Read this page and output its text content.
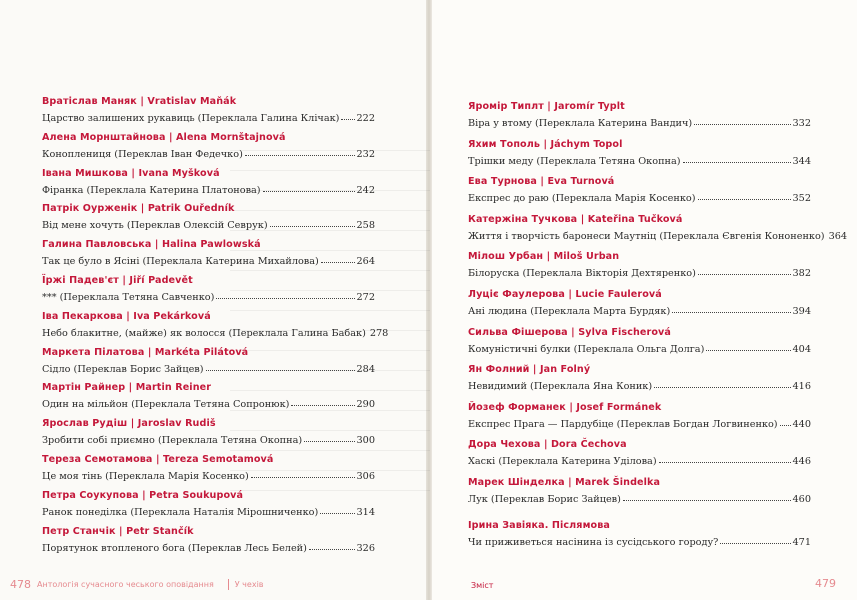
Вратіслав Маняк | Vratislav Maňák
Царство залишених рукавиць (Переклала Галина Клічак) 222
Алена Морнштайнова | Alena Mornštajnová
Коноплениця (Переклав Іван Федечко)	232
Івана Мишкова | Ivana Myšková
Фіранка (Переклала Катерина Платонова)	242
Патрік Оурженік | Patrik Ouředník
Від мене хочуть (Переклав Олексій Севрук)	258
Галина Павловська | Halina Pawlowská
Так це було в Ясіні (Переклала Катерина Михайлова)	264
Їржі Падев'єт | Jiří Padevět
*** (Переклала Тетяна Савченко)	272
Іва Пекаркова | Iva Pekárková
Небо блакитне, (майже) як волосся (Переклала Галина Бабак) 278
Маркета Пілатова | Markéta Pilátová
Сідло (Переклав Борис Зайцев)	284
Мартін Райнер | Martin Reiner
Один на мільйон (Переклала Тетяна Сопронюк)	290
Ярослав Рудіш | Jaroslav Rudiš
Зробити собі приємно (Переклала Тетяна Окопна)	300
Тереза Семотамова | Tereza Semotamová
Це моя тінь (Переклала Марія Косенко)	306
Петра Соукупова | Petra Soukupová
Ранок понеділка (Переклала Наталія Мірошниченко)	314
Петр Станчік | Petr Stančík
Порятунок втопленого бога (Переклав Лесь Белей)	326
Яромір Типлт | Jaromír Typlt
Віра у втому (Переклала Катерина Вандич)	332
Яхим Тополь | Jáchym Topol
Трішки меду (Переклала Тетяна Окопна)	344
Ева Турнова | Eva Turnová
Експрес до раю (Переклала Марія Косенко)	352
Катержіна Тучкова | Kateřina Tučková
Життя і творчість баронеси Маутніц (Переклала Євгенія Кононенко) 364
Мілош Урбан | Miloš Urban
Білоруска (Переклала Вікторія Дехтяренко)	382
Луціє Фаулерова | Lucie Faulerová
Ані людина (Переклала Марта Бурдяк)	394
Сильва Фішерова | Sylva Fischerová
Комуністичні булки (Переклала Ольга Долга)	404
Ян Фолний | Jan Folný
Невидимий (Переклала Яна Коник)	416
Йозеф Форманек | Josef Formánek
Експрес Прага — Пардубіце (Переклав Богдан Логвиненко) 440
Дора Чехова | Dora Čechova
Хаскі (Переклала Катерина Уділова)	446
Марек Шінделка | Marek Šindelka
Лук (Переклав Борис Зайцев)	460
Ірина Завіяка. Післямова
Чи приживеться насінина із сусідського городу?	471
478 Антологія сучасного чеського оповідання	У чехів	Зміст	479
